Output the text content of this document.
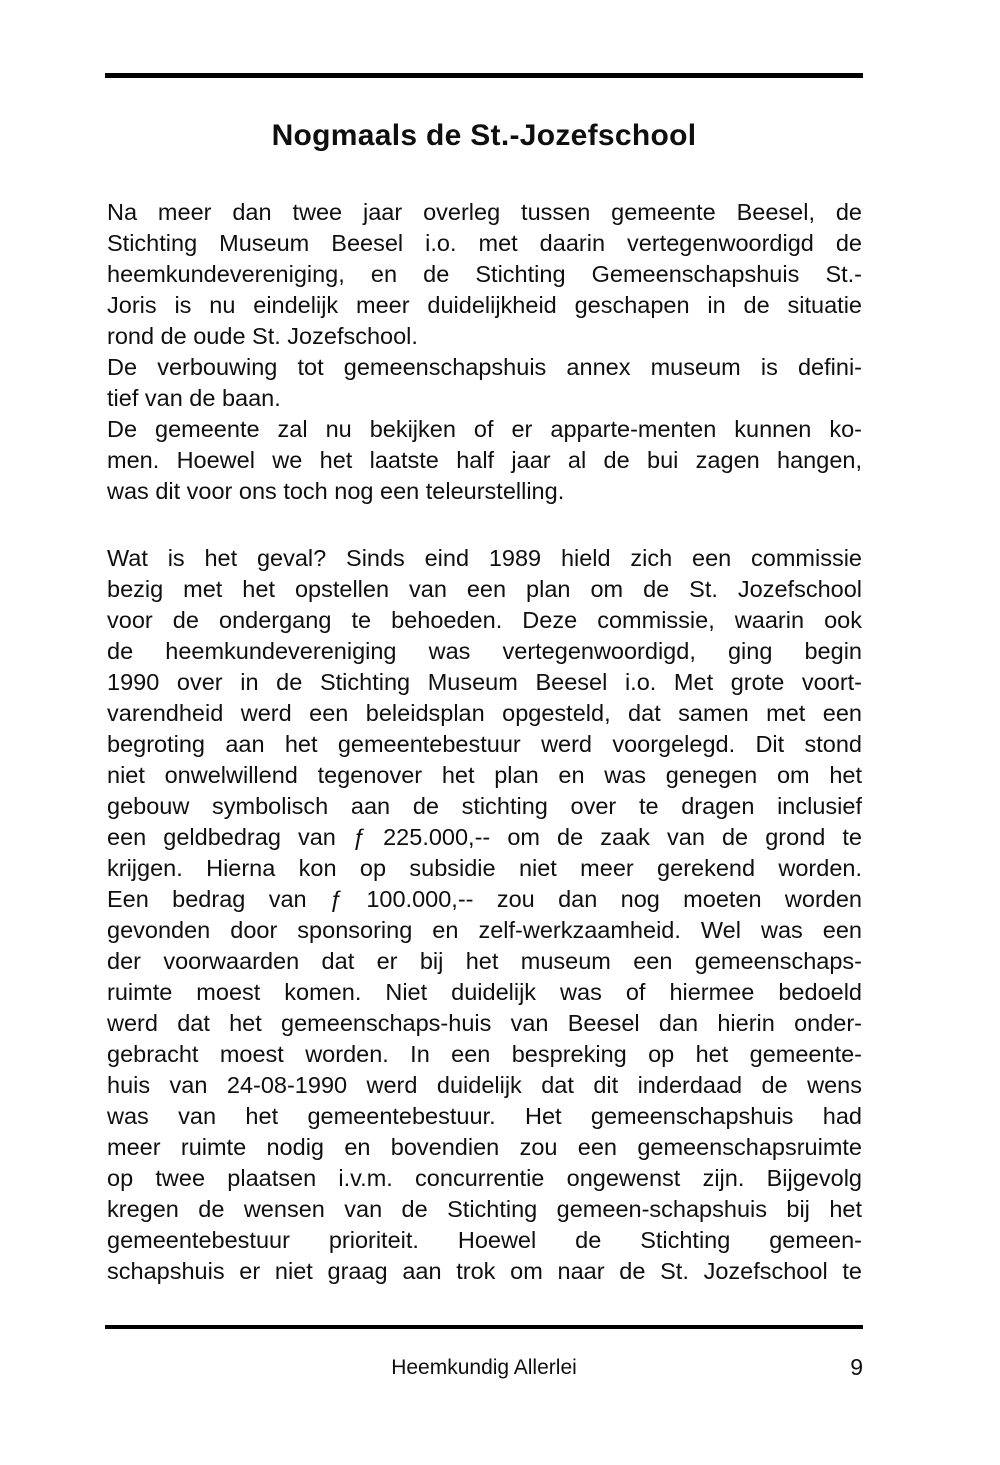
Nogmaals de St.-Jozefschool
Na meer dan twee jaar overleg tussen gemeente Beesel, de
Stichting Museum Beesel i.o. met daarin vertegenwoordigd de
heemkundevereniging, en de Stichting Gemeenschapshuis St.-
Joris is nu eindelijk meer duidelijkheid geschapen in de situatie
rond de oude St. Jozefschool.
De verbouwing tot gemeenschapshuis annex museum is defini-
tief van de baan.
De gemeente zal nu bekijken of er apparte-menten kunnen ko-
men. Hoewel we het laatste half jaar al de bui zagen hangen,
was dit voor ons toch nog een teleurstelling.
Wat is het geval? Sinds eind 1989 hield zich een commissie
bezig met het opstellen van een plan om de St. Jozefschool
voor de ondergang te behoeden. Deze commissie, waarin ook
de heemkundevereniging was vertegenwoordigd, ging begin
1990 over in de Stichting Museum Beesel i.o. Met grote voort-
varendheid werd een beleidsplan opgesteld, dat samen met een
begroting aan het gemeentebestuur werd voorgelegd. Dit stond
niet onwelwillend tegenover het plan en was genegen om het
gebouw symbolisch aan de stichting over te dragen inclusief
een geldbedrag van ƒ 225.000,-- om de zaak van de grond te
krijgen. Hierna kon op subsidie niet meer gerekend worden.
Een bedrag van ƒ 100.000,-- zou dan nog moeten worden
gevonden door sponsoring en zelf-werkzaamheid. Wel was een
der voorwaarden dat er bij het museum een gemeenschaps-
ruimte moest komen. Niet duidelijk was of hiermee bedoeld
werd dat het gemeenschaps-huis van Beesel dan hierin onder-
gebracht moest worden. In een bespreking op het gemeente-
huis van 24-08-1990 werd duidelijk dat dit inderdaad de wens
was van het gemeentebestuur. Het gemeenschapshuis had
meer ruimte nodig en bovendien zou een gemeenschapsruimte
op twee plaatsen i.v.m. concurrentie ongewenst zijn. Bijgevolg
kregen de wensen van de Stichting gemeen-schapshuis bij het
gemeentebestuur prioriteit. Hoewel de Stichting gemeen-
schapshuis er niet graag aan trok om naar de St. Jozefschool te
Heemkundig Allerlei	9
